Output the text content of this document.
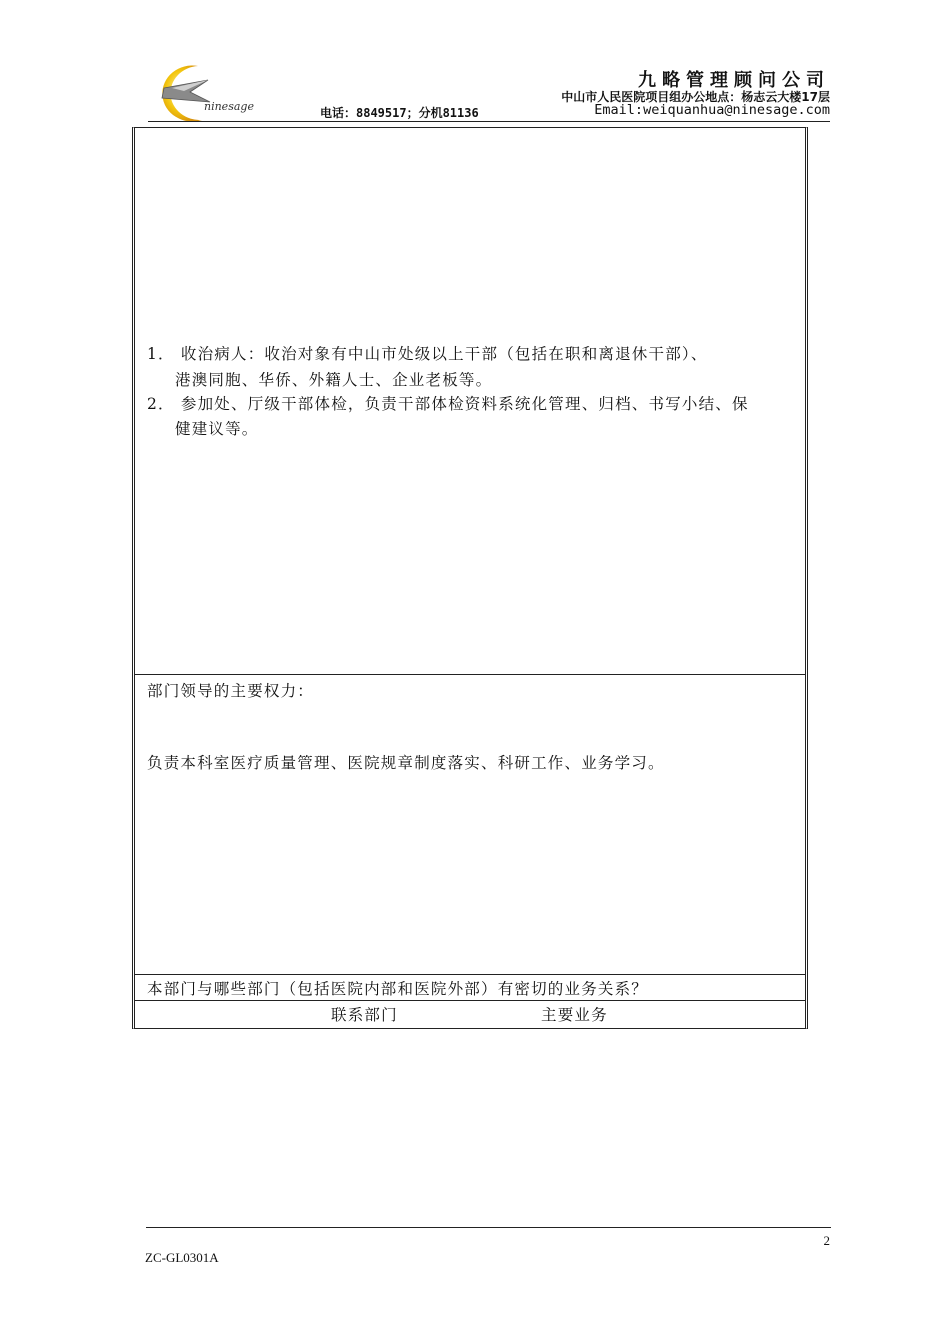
ninesage
九略管理顾问公司
中山市人民医院项目组办公地点：杨志云大楼17层
电话：8849517；分机81136	Email:weiquanhua@ninesage.com
1． 收治病人：收治对象有中山市处级以上干部（包括在职和离退休干部）、
港澳同胞、华侨、外籍人士、企业老板等。
2． 参加处、厅级干部体检，负责干部体检资料系统化管理、归档、书写小结、保
健建议等。
部门领导的主要权力：
负责本科室医疗质量管理、医院规章制度落实、科研工作、业务学习。
本部门与哪些部门（包括医院内部和医院外部）有密切的业务关系？
联系部门	主要业务
2
ZC-GL0301A
